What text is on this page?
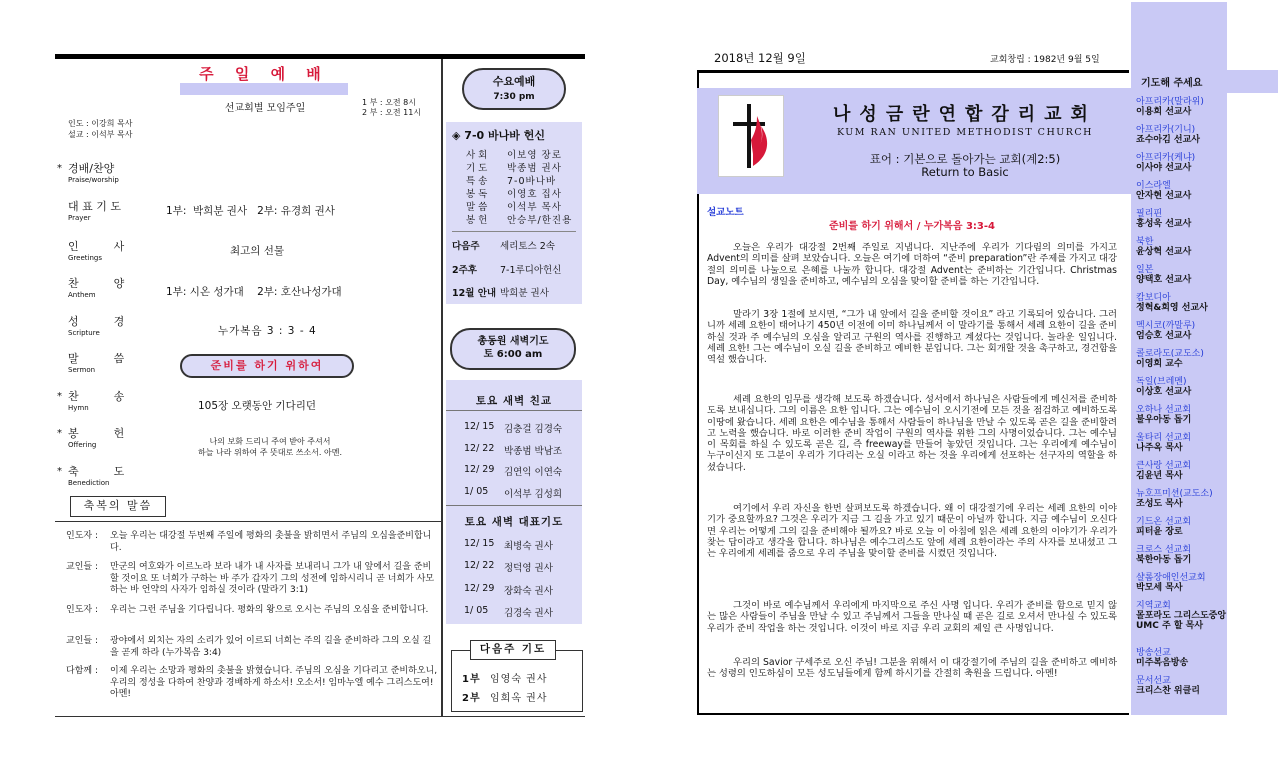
주 일 예 배
선교회별 모임주일
1 부 : 오전 8시
2 부 : 오전 11시
인도 : 이강희 목사
설교 : 이석부 목사
* 경배/찬양
Praise/worship
대 표 기 도
Prayer
1부:  박희분 권사   2부: 유경희 권사
인          사
Greetings
최고의 선물
찬          양
Anthem	1부: 시온 성가대    2부: 호산나성가대
성          경
Scripture	누가복음 3 : 3 - 4
말          씀
Sermon	준비를 하기 위하여
* 찬          송
Hymn	105장 오랫동안 기다리던
* 봉          헌
Offering	나의 보화 드리니 주여 받아 주셔서
하늘 나라 위하여 주 뜻대로 쓰소서. 아멘.
* 축          도
Benediction
축복의 말씀
인도자 :	오늘 우리는 대강절 두번째 주일에 평화의 촛불을 밝히면서 주님의 오심을준비합니다.
교인들 :	만군의 여호와가 이르노라 보라 내가 내 사자를 보내리니 그가 내 앞에서 길을 준비할 것이요 또 너희가 구하는 바 주가 갑자기 그의 성전에 임하시리니 곧 너희가 사모하는 바 언약의 사자가 임하실 것이라 (말라기 3:1)
인도자 :	우리는 그런 주님을 기다립니다. 평화의 왕으로 오시는 주님의 오심을 준비합니다.
교인들 :	광야에서 외치는 자의 소리가 있어 이르되 너희는 주의 길을 준비하라 그의 오실 길을 곧게 하라 (누가복음 3:4)
다함께 :	이제 우리는 소망과 평화의 촛불을 밝혔습니다. 주님의 오심을 기다리고 준비하오니, 우리의 정성을 다하여 찬양과 경배하게 하소서! 오소서! 임마누엘 예수 그리스도여! 아멘!
수요예배
7:30 pm
◈ 7-0 바나바 헌신
사회 이보영 장로
기도 박종범 권사
특송 7-0바나바
봉독 이영호 집사
말씀 이석부 목사
봉헌 안승부/한진용
다음주 세리토스 2속
2주후 7-1루디아헌신
12월 안내 박희분 권사
총동원 새벽기도
토 6:00 am
토요 새벽 친교
12/ 15 김충걸 김경숙
12/ 22 박종범 박남조
12/ 29 김연익 이연숙
1/ 05 이석부 김성희
토요 새벽 대표기도
12/ 15 최병숙 권사
12/ 22 정덕영 권사
12/ 29 장화숙 권사
1/ 05 김경숙 권사
다음주 기도
1부 임영숙 권사
2부 임희옥 권사
2018년 12월 9일	교회창립 : 1982년 9월 5일
나성금란연합감리교회
KUM RAN UNITED METHODIST CHURCH
표어 : 기본으로 돌아가는 교회(계2:5)
Return to Basic
설교노트
준비를 하기 위해서 / 누가복음 3:3-4
오늘은 우리가 대강절 2번째 주일로 지냅니다. 지난주에 우리가 기다림의 의미를 가지고 Advent의 의미를 살펴 보았습니다. 오늘은 여기에 더하여 “준비 preparation”란 주제를 가지고 대강절의 의미를 나눌으로 은혜를 나눌까 합니다. 대강절 Advent는 준비하는 기간입니다. Christmas Day, 예수님의 생일을 준비하고, 예수님의 오심을 맞이할 준비를 하는 기간입니다.
말라기 3장 1절에 보시면, “그가 내 앞에서 길을 준비할 것이요” 라고 기록되어 있습니다. 그러니까 세례 요한이 태어나기 450년 이전에 이미 하나님께서 이 말라기를 통해서 세례 요한이 길을 준비하실 것과 주 예수님의 오심을 알리고 구원의 역사를 진행하고 계셨다는 것입니다. 놀라운 일입니다. 세례 요한! 그는 예수님이 오실 길을 준비하고 예비한 분입니다. 그는 회개할 것을 촉구하고, 경건함을 역설 했습니다.
세례 요한의 임무를 생각해 보도록 하겠습니다. 성서에서 하나님은 사람들에게 메신저를 준비하도록 보내십니다. 그의 이름은 요한 입니다. 그는 예수님이 오시기전에 모든 것을 점검하고 예비하도록 이땅에 왔습니다. 세례 요한은 예수님을 통해서 사람들이 하나님을 만날 수 있도록 곧은 길을 준비할려고 노력을 했습니다. 바로 이러한 준비 작업이 구원의 역사를 위한 그의 사명이었습니다. 그는 예수님이 목회를 하실 수 있도록 곧은 길, 즉 freeway를 만들어 놓았던 것입니다. 그는 우리에게 예수님이 누구이신지 또 그분이 우리가 기다리는 오실 이라고 하는 것을 우리에게 선포하는 선구자의 역할을 하셨습니다.
여기에서 우리 자신을 한번 살펴보도록 하겠습니다. 왜 이 대강절기에 우리는 세례 요한의 이야기가 중요할까요? 그것은 우리가 지금 그 길을 가고 있기 때문이 아닐까 합니다. 지금 예수님이 오신다면 우리는 어떻게 그의 길을 준비해야 될까요? 바로 오늘 이 아침에 읽은 세례 요한의 이야기가 우리가 찾는 답이라고 생각을 합니다. 하나님은 예수그리스도 앞에 세례 요한이라는 주의 사자를 보내셨고 그는 우리에게 세례를 줌으로 우리 주님을 맞이할 준비를 시켰던 것입니다.
그것이 바로 예수님께서 우리에게 마지막으로 주신 사명 입니다. 우리가 준비를 함으로 믿지 않는 많은 사람들이 주님을 만날 수 있고 주님께서 그들을 만나실 때 곧은 길로 오셔서 만나실 수 있도록 우리가 준비 작업을 하는 것입니다. 이것이 바로 지금 우리 교회의 제일 큰 사명입니다.
우리의 Savior 구세주로 오신 주님! 그분을 위해서 이 대강절기에 주님의 길을 준비하고 예비하는 성령의 인도하심이 모든 성도님들에게 함께 하시기를 간절히 축원을 드립니다. 아멘!
기도해 주세요
아프리카(말라위)
이용희 선교사
아프리카(기니)
죠수아김 선교사
아프리카(케냐)
이사야 선교사
이스라엘
안자현 선교사
필리핀
홍성욱 선교사
북한
윤상혁 선교사
일본
양택호 선교사
캄보디아
정혁&희영 선교사
멕시코(까말루)
엄승호 선교사
콜로라도(교도소)
이영희 교수
독일(브레멘)
이상호 선교사
오하나 선교회
불우아동 돕기
울타리 선교회
나주옥 목사
큰사랑 선교회
김윤년 목사
뉴호프미션(교도소)
조성도 목사
기드온 선교회
피터윤 장로
크로스 선교회
북한아동 돕기
샬롬장애인선교회
박모세 목사
지역교회
몰포라도 그리스도중앙 UMC 주 할 목사
방송선교
미주복음방송
문서선교
크리스찬 위클리
